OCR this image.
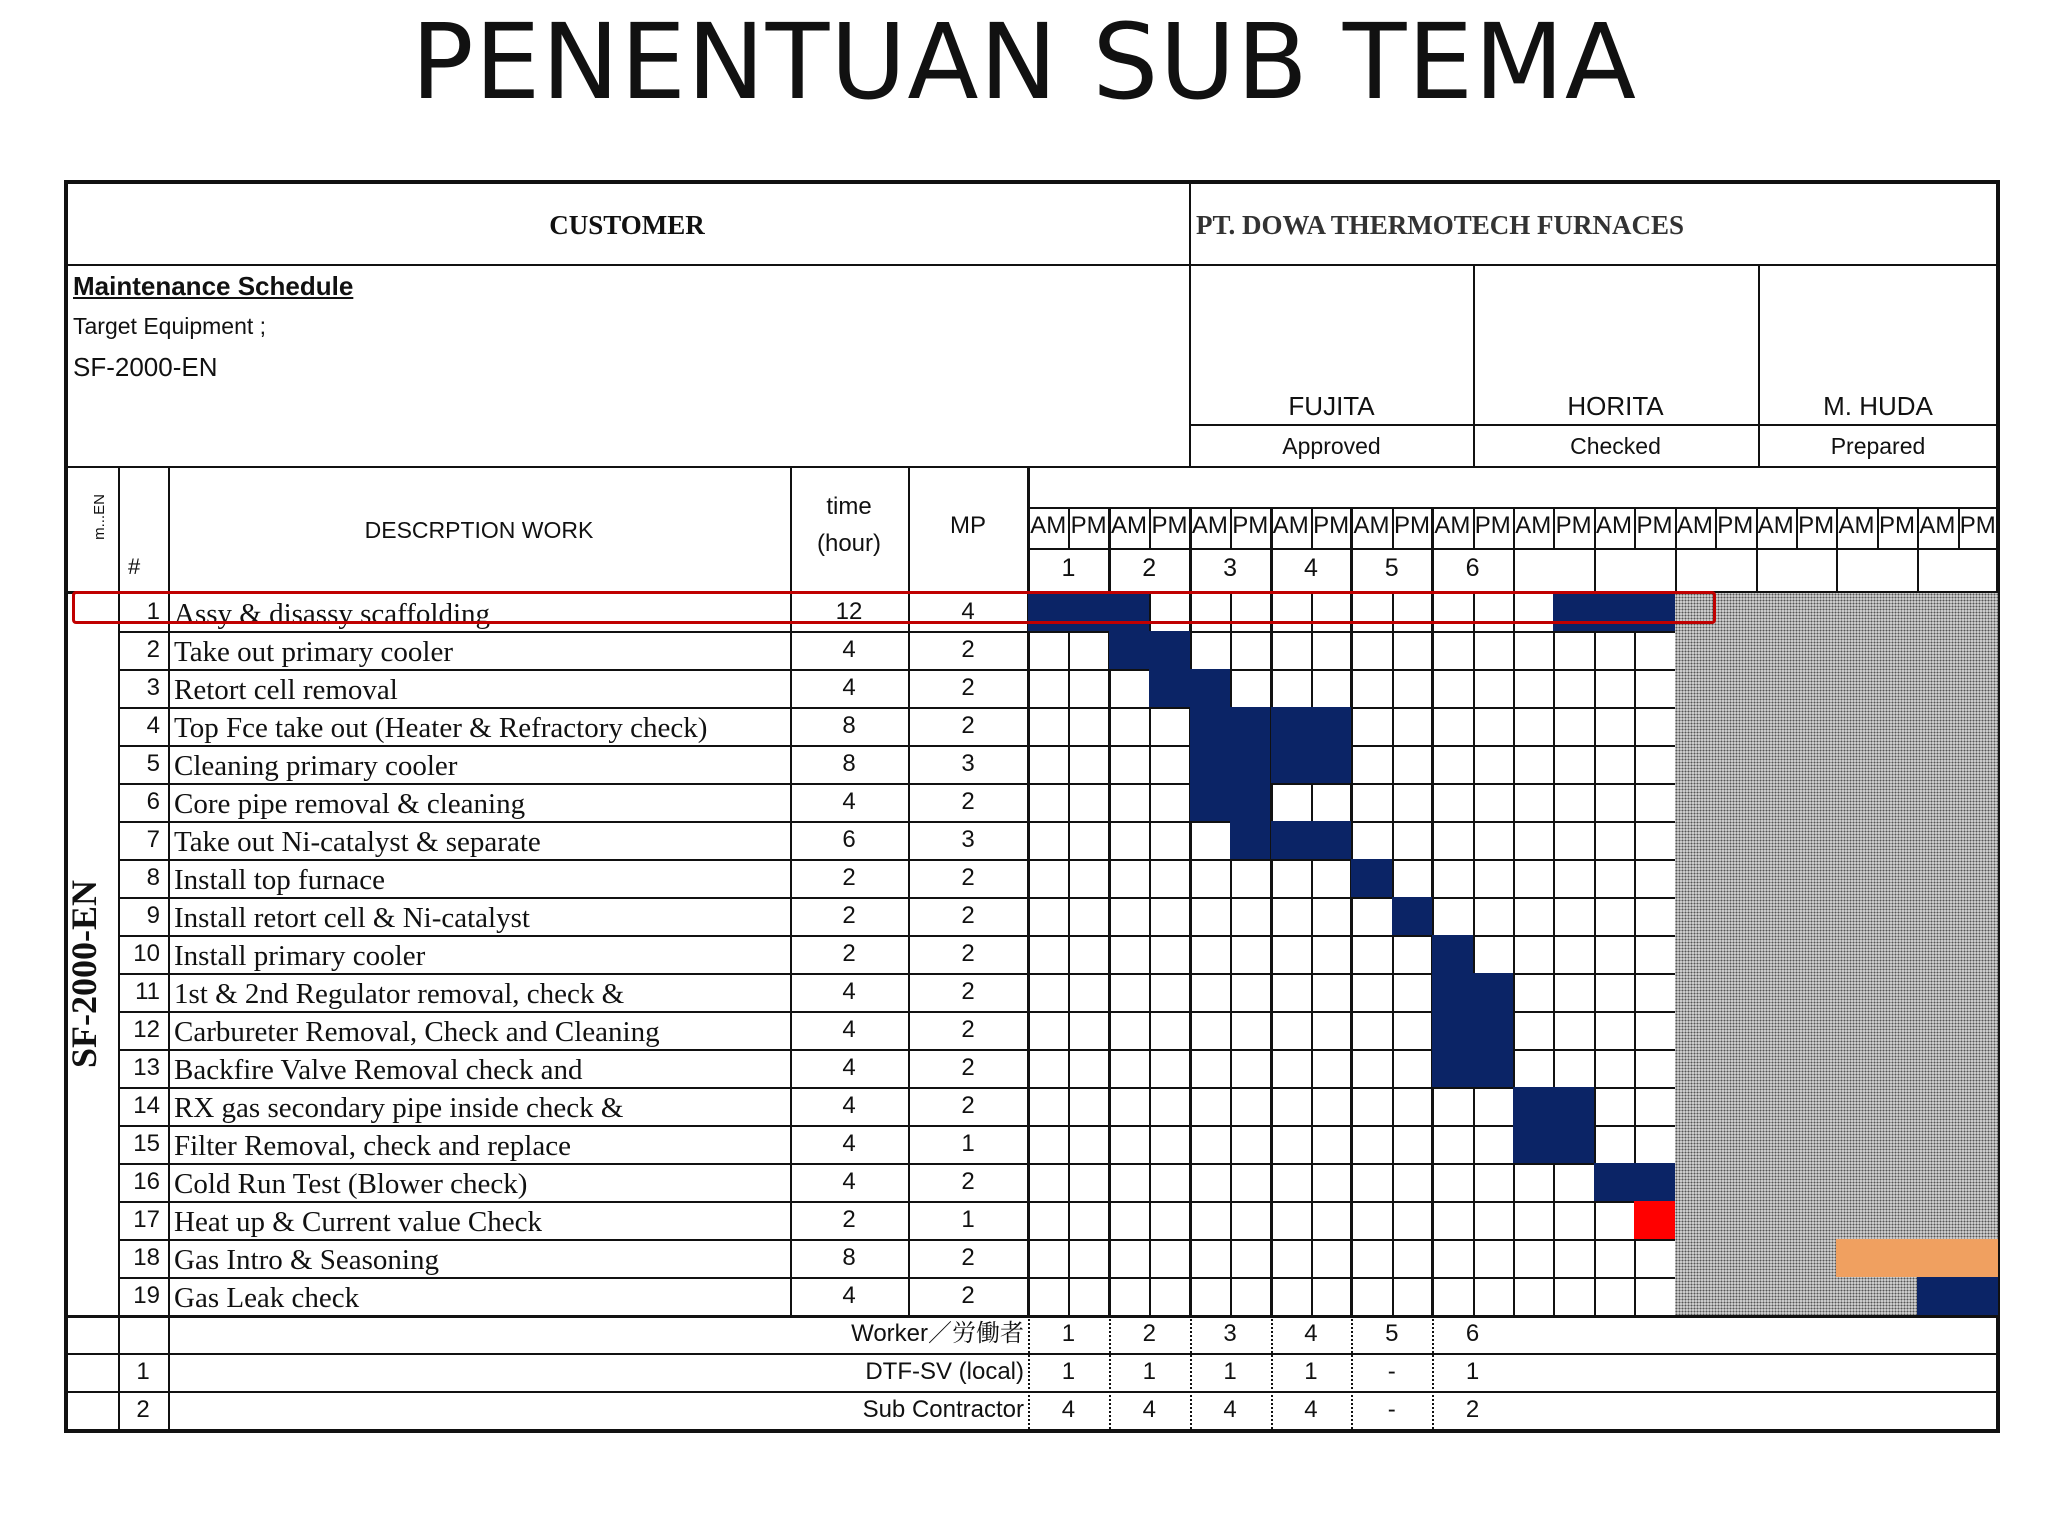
PENENTUAN SUB TEMA
CUSTOMER	PT. DOWA THERMOTECH FURNACES
Maintenance Schedule
Target Equipment ;
SF-2000-EN
FUJITA
Approved
HORITA
Checked
M. HUDA
Prepared
#
DESCRPTION WORK
time
(hour)
MP	AM PM AM PM AM PM AM PM AM PM AM PM AM PM AM PM AM PM AM PM AM PM AM PM
1	2	3	4	5	6
1 Assy & disassy scaffolding	12	4
2 Take out primary cooler	4	2
3 Retort cell removal	4	2
4 Top Fce take out (Heater & Refractory check)	8	2
5 Cleaning primary cooler	8	3
6 Core pipe removal & cleaning	4	2
7 Take out Ni-catalyst & separate	6	3
8 Install top furnace	2	2
9 Install retort cell & Ni-catalyst	2	2
10 Install primary cooler	2	2
11 1st & 2nd Regulator removal, check &	4	2
12 Carbureter Removal, Check and Cleaning	4	2
13 Backfire Valve Removal check and	4	2
14 RX gas secondary pipe inside check &	4	2
15 Filter Removal, check and replace	4	1
16 Cold Run Test (Blower check)	4	2
17 Heat up & Current value Check	2	1
18 Gas Intro & Seasoning	8	2
19 Gas Leak check	4	2
Worker／労働者	1	2	3	4	5	6
1	DTF-SV (local)	1	1	1	1	-	1
2	Sub Contractor	4	4	4	4	-	2
SF-2000-EN
m...EN
